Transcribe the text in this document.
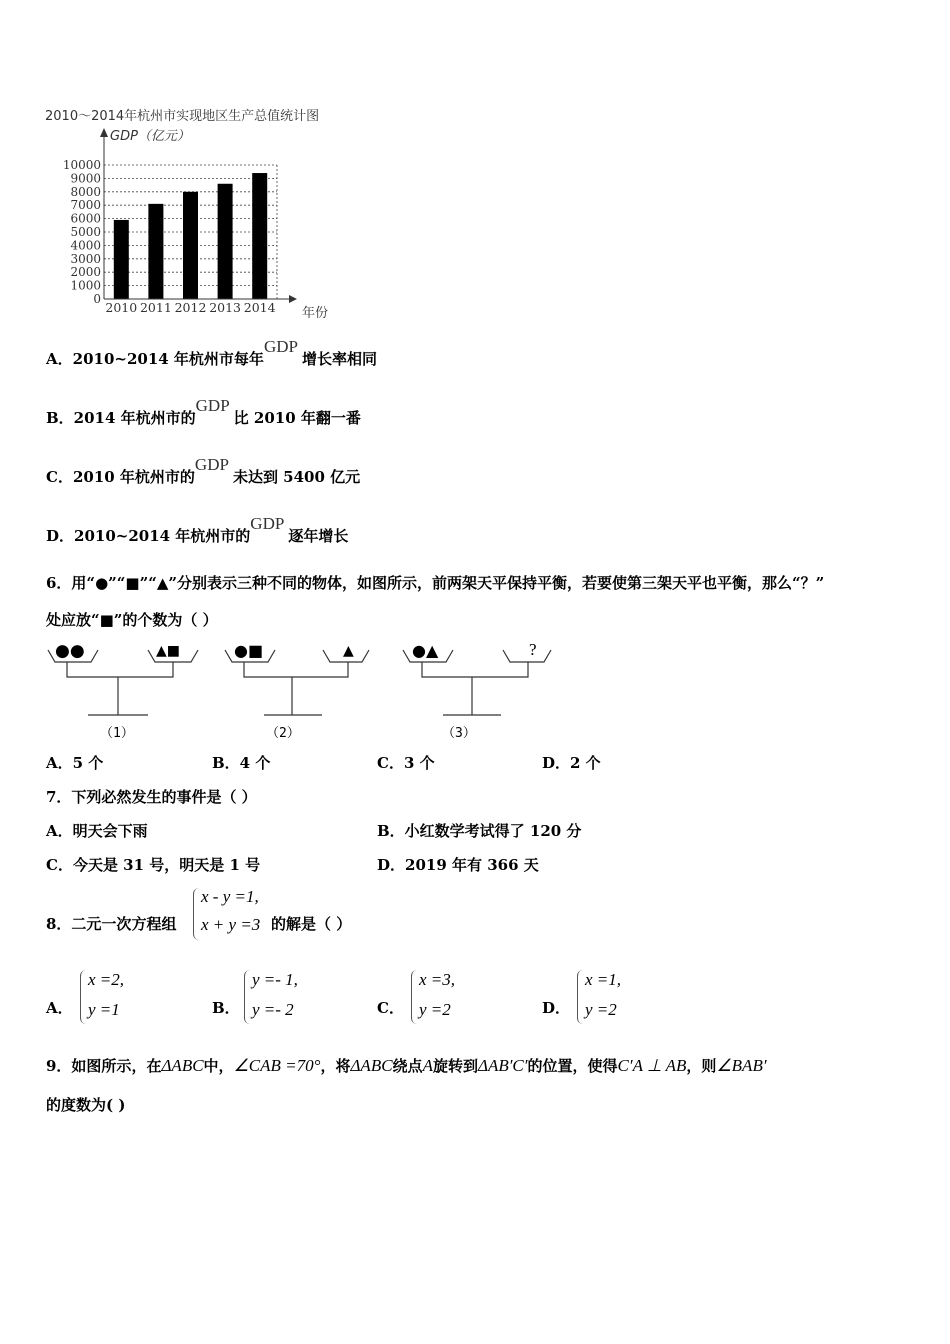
2010～2014年杭州市实现地区生产总值统计图
0
1000
2000
3000
4000
5000
6000
7000
8000
9000
10000
2010 2011 2012 2013 2014
GDP（亿元）
年份
A．2010~2014 年杭州市每年GDP增长率相同
B．2014 年杭州市的GDP比 2010 年翻一番
C．2010 年杭州市的GDP未达到 5400 亿元
D．2010~2014 年杭州市的GDP逐年增长
6．用“●”“■”“▲”分别表示三种不同的物体，如图所示，前两架天平保持平衡，若要使第三架天平也平衡，那么“？”
处应放“■”的个数为（ ）
●●	▲■
（1）
●■	▲
（2）
●▲	?
（3）
A．5 个	B．4 个	C．3 个	D．2 个
7．下列必然发生的事件是（ ）
A．明天会下雨	B．小红数学考试得了 120 分
C．今天是 31 号，明天是 1 号	D．2019 年有 366 天
8．二元一次方程组
x - y =1,
x + y =3 的解是（ ）
A．
x =2,
y =1	B．
y =- 1,
y =- 2	C．
x =3,
y =2	D．
x =1,
y =2
9．如图所示，在ΔABC中，∠CAB =70°，将ΔABC绕点A旋转到ΔAB′C′的位置，使得C′A ⊥ AB，则∠BAB′
的度数为( )
